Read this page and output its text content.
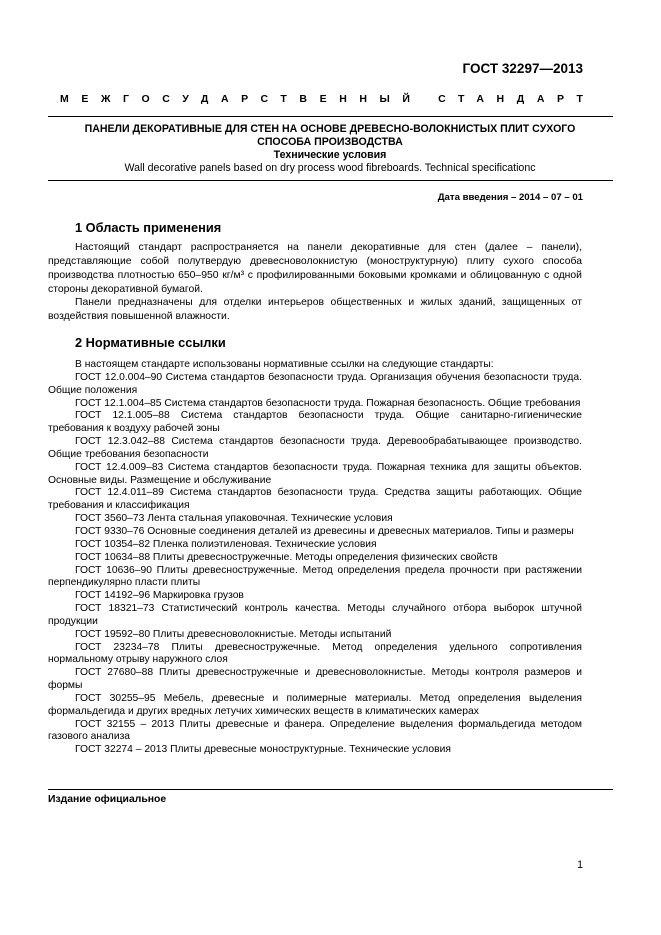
ГОСТ 32297—2013
МЕЖГОСУДАРСТВЕННЫЙ СТАНДАРТ
ПАНЕЛИ ДЕКОРАТИВНЫЕ ДЛЯ СТЕН НА ОСНОВЕ ДРЕВЕСНО-ВОЛОКНИСТЫХ ПЛИТ СУХОГО
СПОСОБА ПРОИЗВОДСТВА
Технические условия
Wall decorative panels based on dry process wood fibreboards. Technical specificationс
Дата введения – 2014 – 07 – 01
1 Область применения
Настоящий стандарт распространяется на панели декоративные для стен (далее – панели), представляющие собой полутвердую древесноволокнистую (моноструктурную) плиту сухого способа производства плотностью 650–950 кг/м³ с профилированными боковыми кромками и облицованную с одной стороны декоративной бумагой.
Панели предназначены для отделки интерьеров общественных и жилых зданий, защищенных от воздействия повышенной влажности.
2 Нормативные ссылки

В настоящем стандарте использованы нормативные ссылки на следующие стандарты:

ГОСТ 12.0.004–90 Система стандартов безопасности труда. Организация обучения безопасности труда. Общие положения

ГОСТ 12.1.004–85 Система стандартов безопасности труда. Пожарная безопасность. Общие требования

ГОСТ 12.1.005–88 Система стандартов безопасности труда. Общие санитарно-гигиенические требования к воздуху рабочей зоны

ГОСТ 12.3.042–88 Система стандартов безопасности труда. Деревообрабатывающее производство. Общие требования безопасности

ГОСТ 12.4.009–83 Система стандартов безопасности труда. Пожарная техника для защиты объектов. Основные виды. Размещение и обслуживание

ГОСТ 12.4.011–89 Система стандартов безопасности труда. Средства защиты работающих. Общие требования и классификация

ГОСТ 3560–73 Лента стальная упаковочная. Технические условия

ГОСТ 9330–76 Основные соединения деталей из древесины и древесных материалов. Типы и размеры

ГОСТ 10354–82 Пленка полиэтиленовая. Технические условия

ГОСТ 10634–88 Плиты древесностружечные. Методы определения физических свойств

ГОСТ 10636–90 Плиты древесностружечные. Метод определения предела прочности при растяжении перпендикулярно пласти плиты

ГОСТ 14192–96 Маркировка грузов

ГОСТ 18321–73 Статистический контроль качества. Методы случайного отбора выборок штучной продукции

ГОСТ 19592–80 Плиты древесноволокнистые. Методы испытаний

ГОСТ 23234–78 Плиты древесностружечные. Метод определения удельного сопротивления нормальному отрыву наружного слоя

ГОСТ 27680–88 Плиты древесностружечные и древесноволокнистые. Методы контроля размеров и формы

ГОСТ 30255–95 Мебель, древесные и полимерные материалы. Метод определения выделения формальдегида и других вредных летучих химических веществ в климатических камерах

ГОСТ 32155 – 2013 Плиты древесные и фанера. Определение выделения формальдегида методом газового анализа

ГОСТ 32274 – 2013 Плиты древесные моноструктурные. Технические условия

Издание официальное
1
